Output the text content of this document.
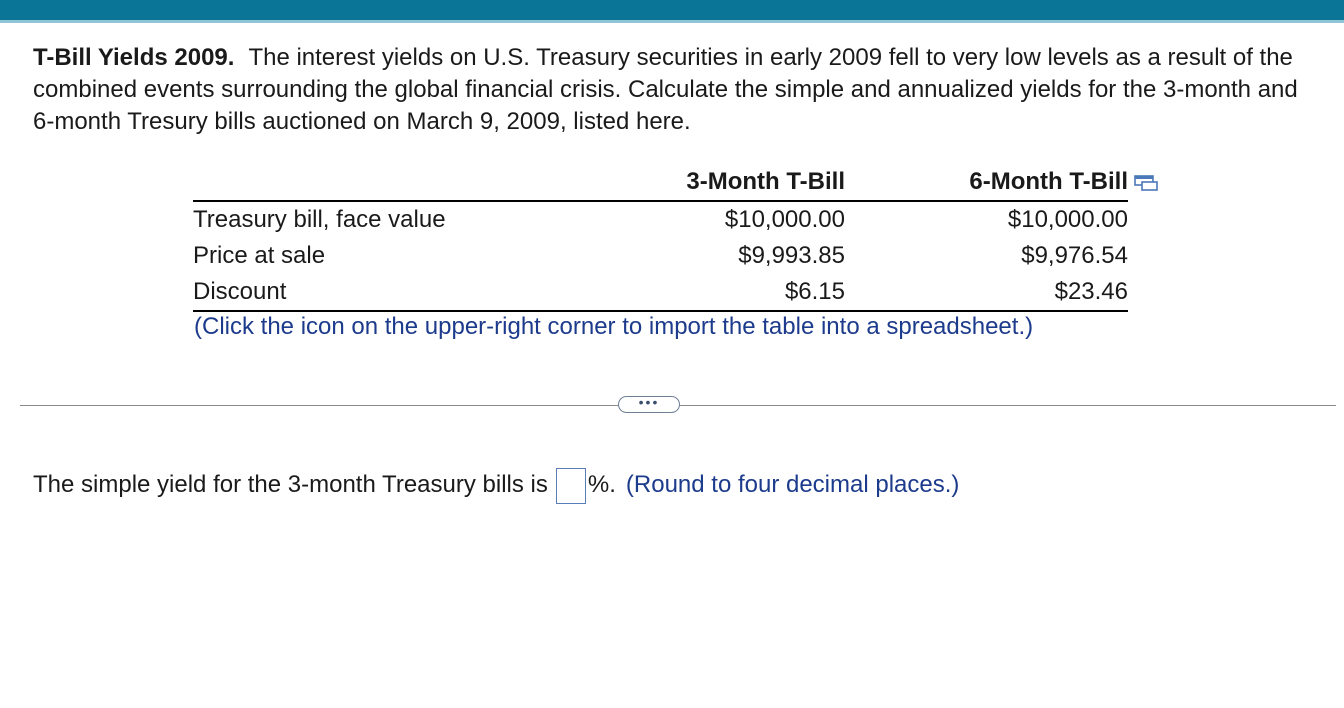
T-Bill Yields 2009. The interest yields on U.S. Treasury securities in early 2009 fell to very low levels as a result of the combined events surrounding the global financial crisis. Calculate the simple and annualized yields for the 3-month and 6-month Tresury bills auctioned on March 9, 2009, listed here.
	3-Month T-Bill	6-Month T-Bill
Treasury bill, face value	$10,000.00	$10,000.00
Price at sale	$9,993.85	$9,976.54
Discount	$6.15	$23.46
(Click the icon on the upper-right corner to import the table into a spreadsheet.)
•••
The simple yield for the 3-month Treasury bills is %. (Round to four decimal places.)
